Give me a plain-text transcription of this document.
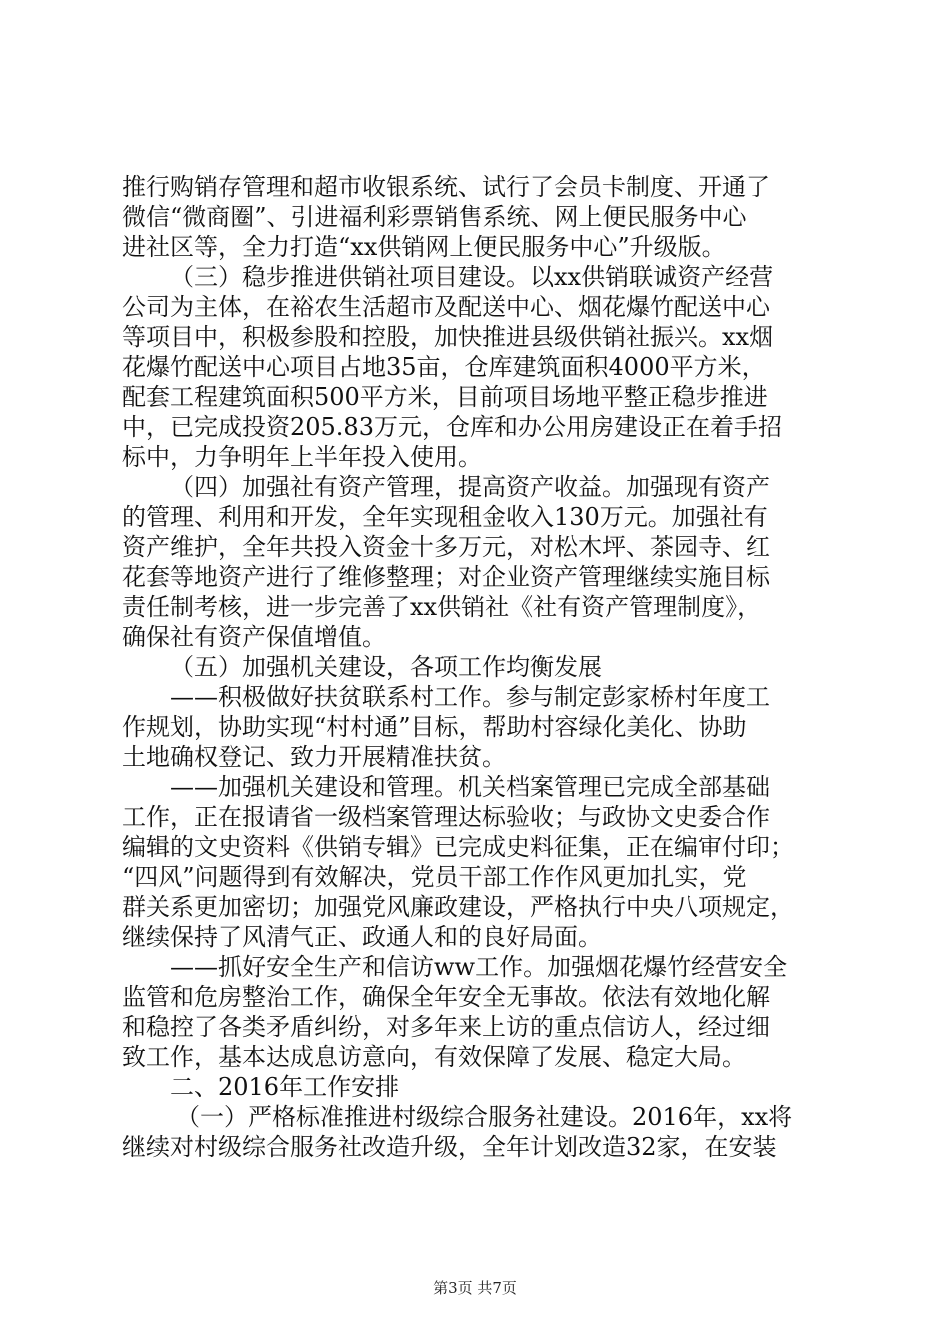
推行购销存管理和超市收银系统、试行了会员卡制度、开通了
微信“微商圈”、引进福利彩票销售系统、网上便民服务中心
进社区等，全力打造“xx供销网上便民服务中心”升级版。
（三）稳步推进供销社项目建设。以xx供销联诚资产经营
公司为主体，在裕农生活超市及配送中心、烟花爆竹配送中心
等项目中，积极参股和控股，加快推进县级供销社振兴。xx烟
花爆竹配送中心项目占地35亩，仓库建筑面积4000平方米，
配套工程建筑面积500平方米，目前项目场地平整正稳步推进
中，已完成投资205.83万元，仓库和办公用房建设正在着手招
标中，力争明年上半年投入使用。
（四）加强社有资产管理，提高资产收益。加强现有资产
的管理、利用和开发，全年实现租金收入130万元。加强社有
资产维护，全年共投入资金十多万元，对松木坪、茶园寺、红
花套等地资产进行了维修整理；对企业资产管理继续实施目标
责任制考核，进一步完善了xx供销社《社有资产管理制度》，
确保社有资产保值增值。
（五）加强机关建设，各项工作均衡发展
——积极做好扶贫联系村工作。参与制定彭家桥村年度工
作规划，协助实现“村村通”目标，帮助村容绿化美化、协助
土地确权登记、致力开展精准扶贫。
——加强机关建设和管理。机关档案管理已完成全部基础
工作，正在报请省一级档案管理达标验收；与政协文史委合作
编辑的文史资料《供销专辑》已完成史料征集，正在编审付印；
“四风”问题得到有效解决，党员干部工作作风更加扎实，党
群关系更加密切；加强党风廉政建设，严格执行中央八项规定，
继续保持了风清气正、政通人和的良好局面。
——抓好安全生产和信访ww工作。加强烟花爆竹经营安全
监管和危房整治工作，确保全年安全无事故。依法有效地化解
和稳控了各类矛盾纠纷，对多年来上访的重点信访人，经过细
致工作，基本达成息访意向，有效保障了发展、稳定大局。
二、2016年工作安排
（一）严格标准推进村级综合服务社建设。2016年，xx将
继续对村级综合服务社改造升级，全年计划改造32家，在安装
第3页 共7页
